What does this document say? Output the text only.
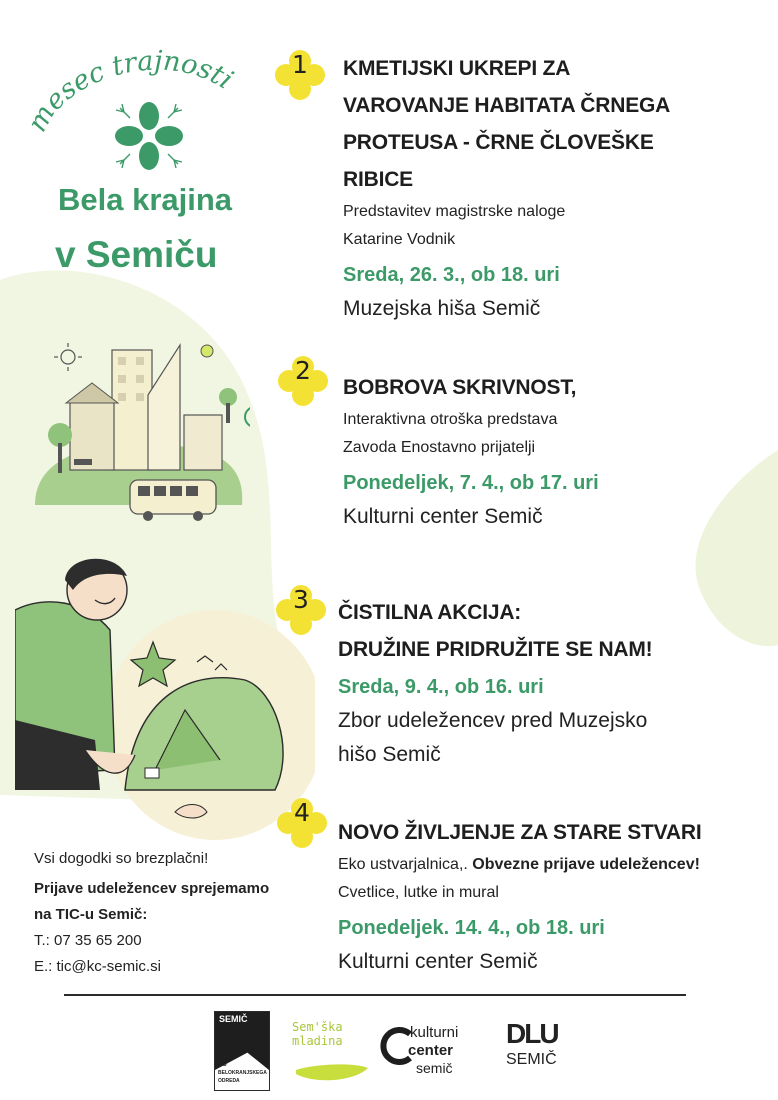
mesec trajnosti
Bela krajina
v Semiču
1	KMETIJSKI UKREPI ZA
VAROVANJE HABITATA ČRNEGA
PROTEUSA - ČRNE ČLOVEŠKE
RIBICE
Predstavitev magistrske naloge
Katarine Vodnik
Sreda, 26. 3., ob 18. uri
Muzejska hiša Semič
2
BOBROVA SKRIVNOST,
Interaktivna otroška predstava
Zavoda Enostavno prijatelji
Ponedeljek, 7. 4., ob 17. uri
Kulturni center Semič
3	ČISTILNA AKCIJA:
DRUŽINE PRIDRUŽITE SE NAM!
Sreda, 9. 4., ob 16. uri
Zbor udeležencev pred Muzejsko
hišo Semič
4
NOVO ŽIVLJENJE ZA STARE STVARI
Eko ustvarjalnica,. Obvezne prijave udeležencev!
Cvetlice, lutke in mural
Ponedeljek. 14. 4., ob 18. uri
Kulturni center Semič
Vsi dogodki so brezplačni!
Prijave udeležencev sprejemamo
na TIC-u Semič:
T.: 07 35 65 200
E.: tic@kc-semic.si
SEMIČ
OŠ
BELOKRANJSKEGA
ODREDA
Sem'ška
mladina	kulturni
center
semič
DLU
SEMIČ
